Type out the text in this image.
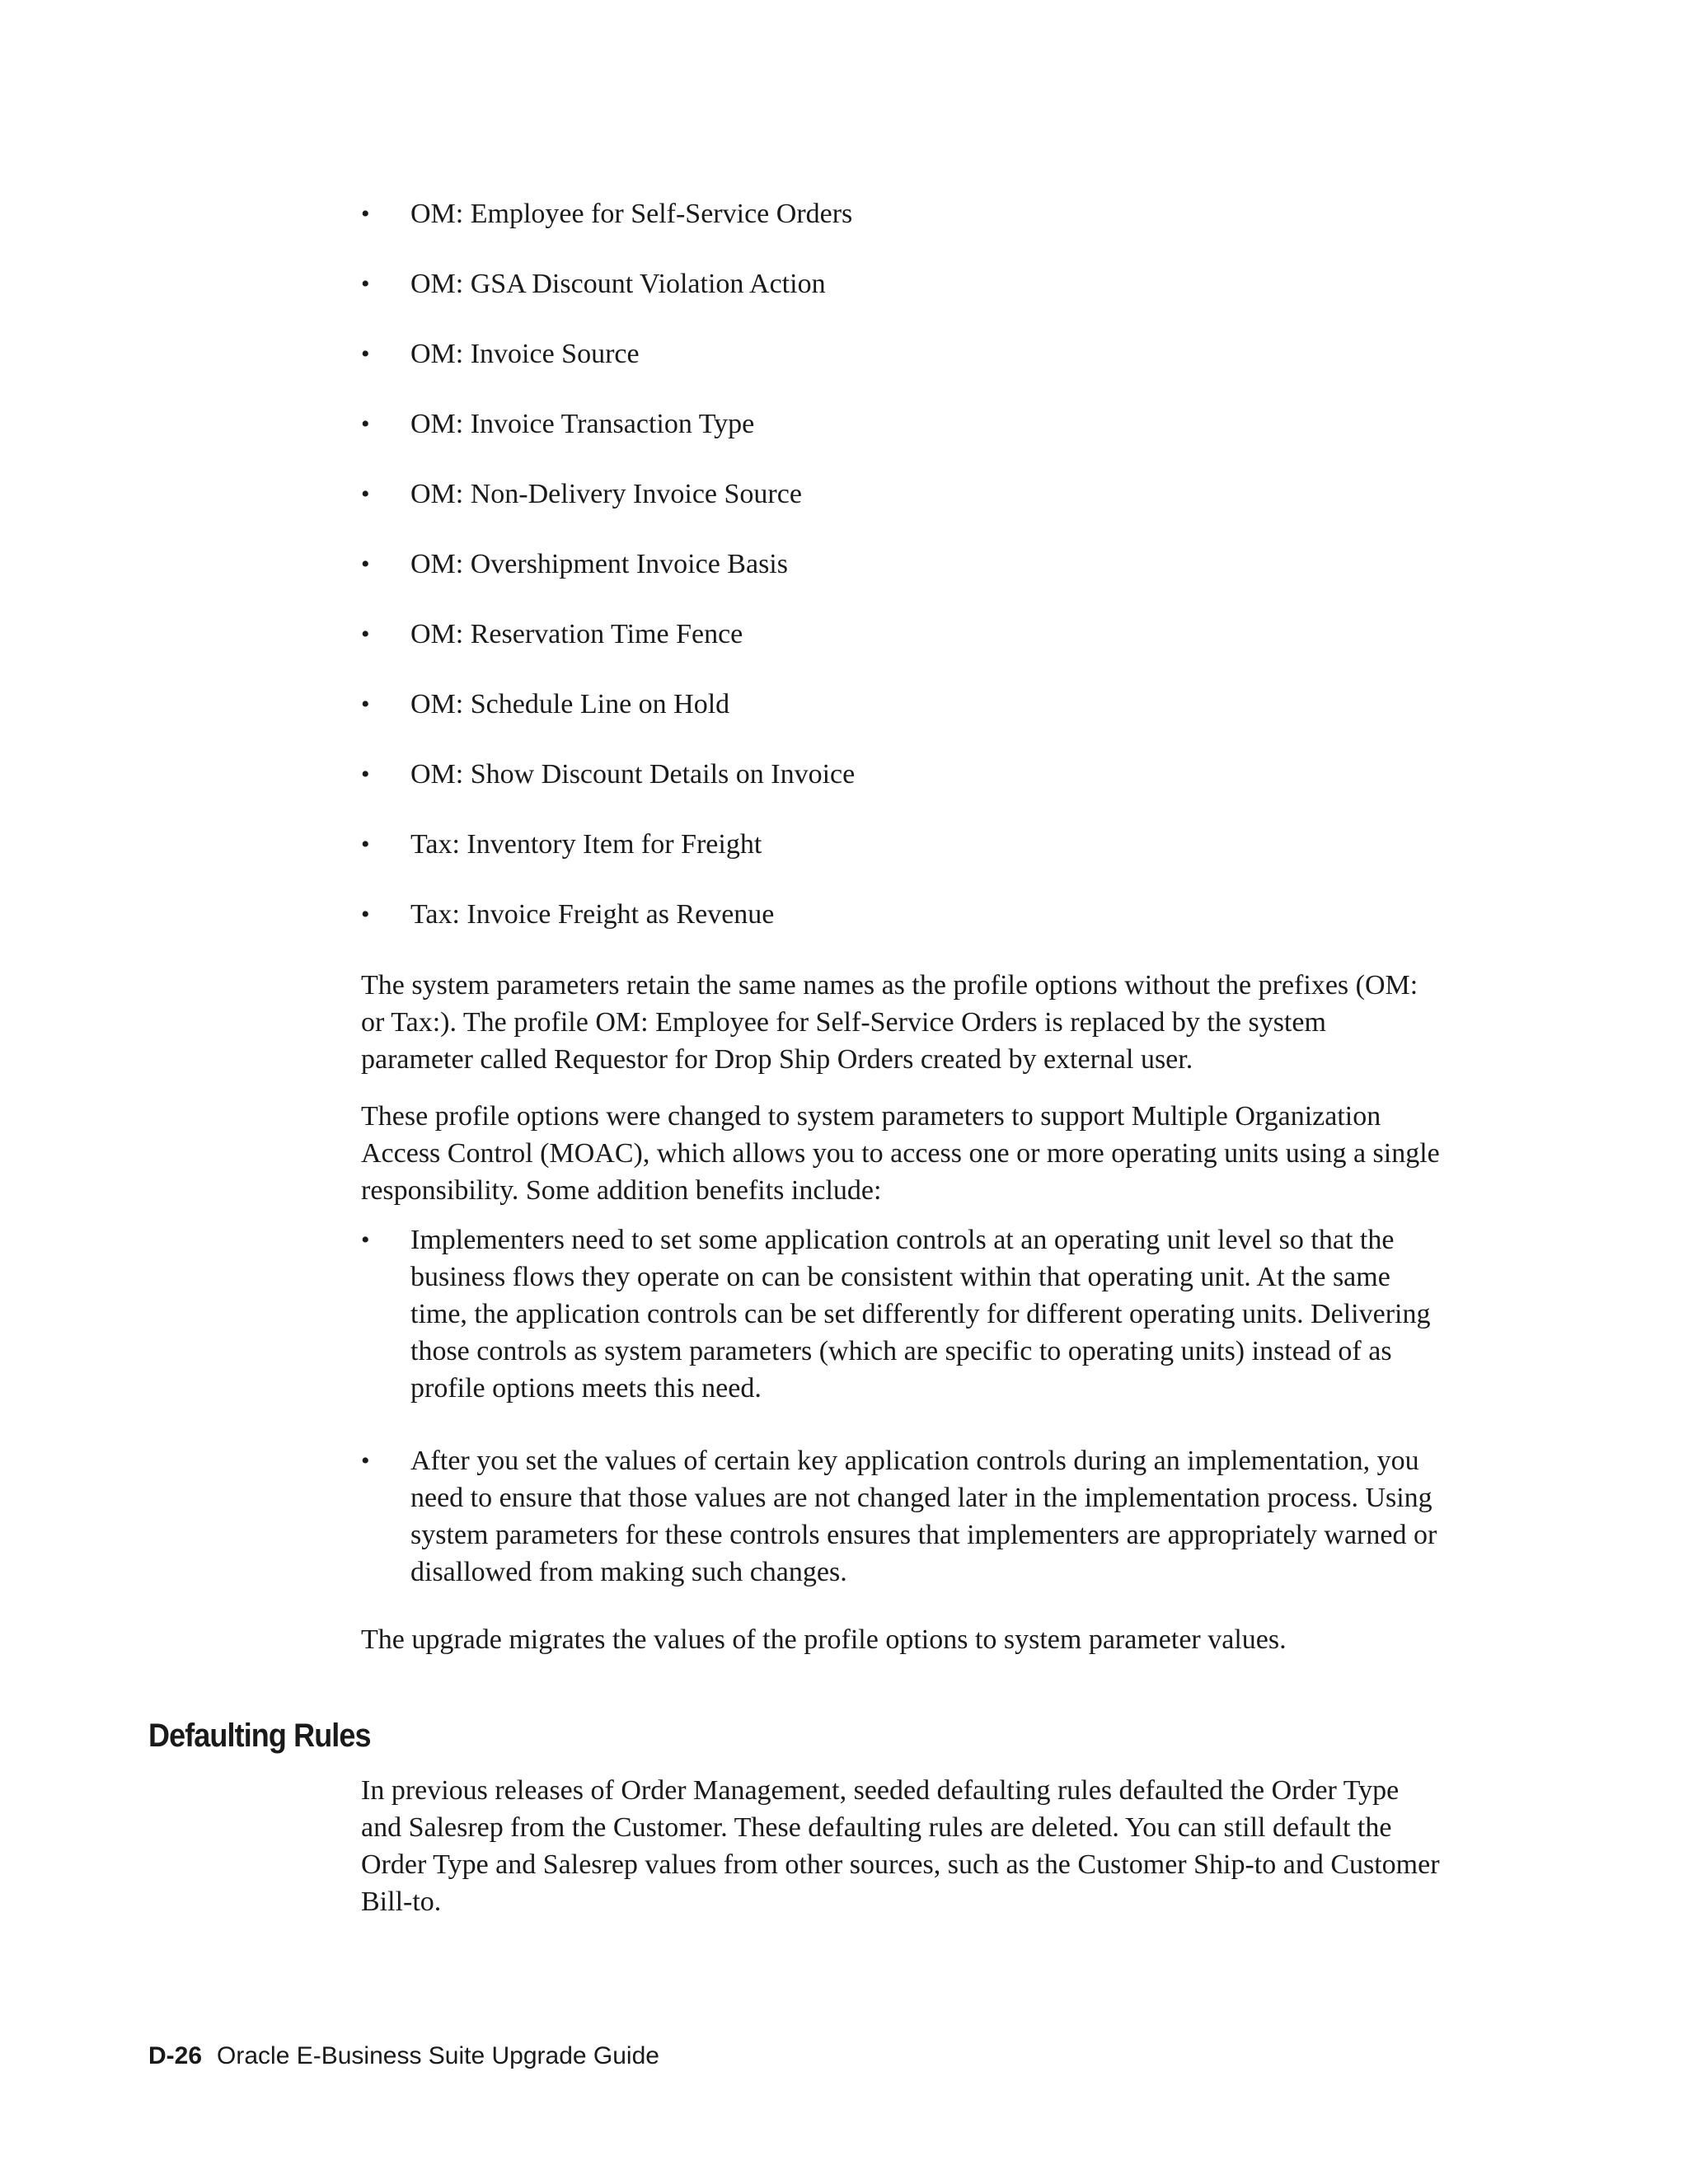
•	OM: Employee for Self-Service Orders
•	OM: GSA Discount Violation Action
•	OM: Invoice Source
•	OM: Invoice Transaction Type
•	OM: Non-Delivery Invoice Source
•	OM: Overshipment Invoice Basis
•	OM: Reservation Time Fence
•	OM: Schedule Line on Hold
•	OM: Show Discount Details on Invoice
•	Tax: Inventory Item for Freight
•	Tax: Invoice Freight as Revenue

The system parameters retain the same names as the profile options without the prefixes (OM: or Tax:). The profile OM: Employee for Self-Service Orders is replaced by the system parameter called Requestor for Drop Ship Orders created by external user.

These profile options were changed to system parameters to support Multiple Organization Access Control (MOAC), which allows you to access one or more operating units using a single responsibility. Some addition benefits include:

•	Implementers need to set some application controls at an operating unit level so that the business flows they operate on can be consistent within that operating unit. At the same time, the application controls can be set differently for different operating units. Delivering those controls as system parameters (which are specific to operating units) instead of as profile options meets this need.
•	After you set the values of certain key application controls during an implementation, you need to ensure that those values are not changed later in the implementation process. Using system parameters for these controls ensures that implementers are appropriately warned or disallowed from making such changes.

The upgrade migrates the values of the profile options to system parameter values.

Defaulting Rules

In previous releases of Order Management, seeded defaulting rules defaulted the Order Type and Salesrep from the Customer. These defaulting rules are deleted. You can still default the Order Type and Salesrep values from other sources, such as the Customer Ship-to and Customer Bill-to.

D-26 Oracle E-Business Suite Upgrade Guide
